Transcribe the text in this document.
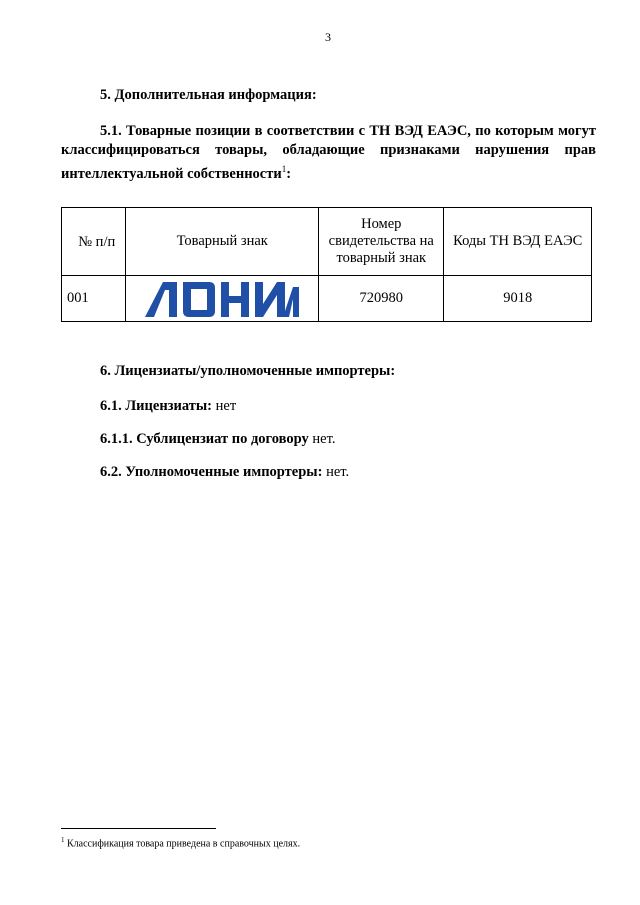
3
5. Дополнительная информация:
5.1. Товарные позиции в соответствии с ТН ВЭД ЕАЭС, по которым могут классифицироваться товары, обладающие признаками нарушения прав интеллектуальной собственности$^1$:
№ п/п	Товарный знак	Номер свидетельства на товарный знак	Коды ТН ВЭД ЕАЭС
001		720980	9018
6. Лицензиаты/уполномоченные импортеры:
6.1. Лицензиаты: нет
6.1.1. Сублицензиат по договору нет.
6.2. Уполномоченные импортеры: нет.
$^1$ Классификация товара приведена в справочных целях.
